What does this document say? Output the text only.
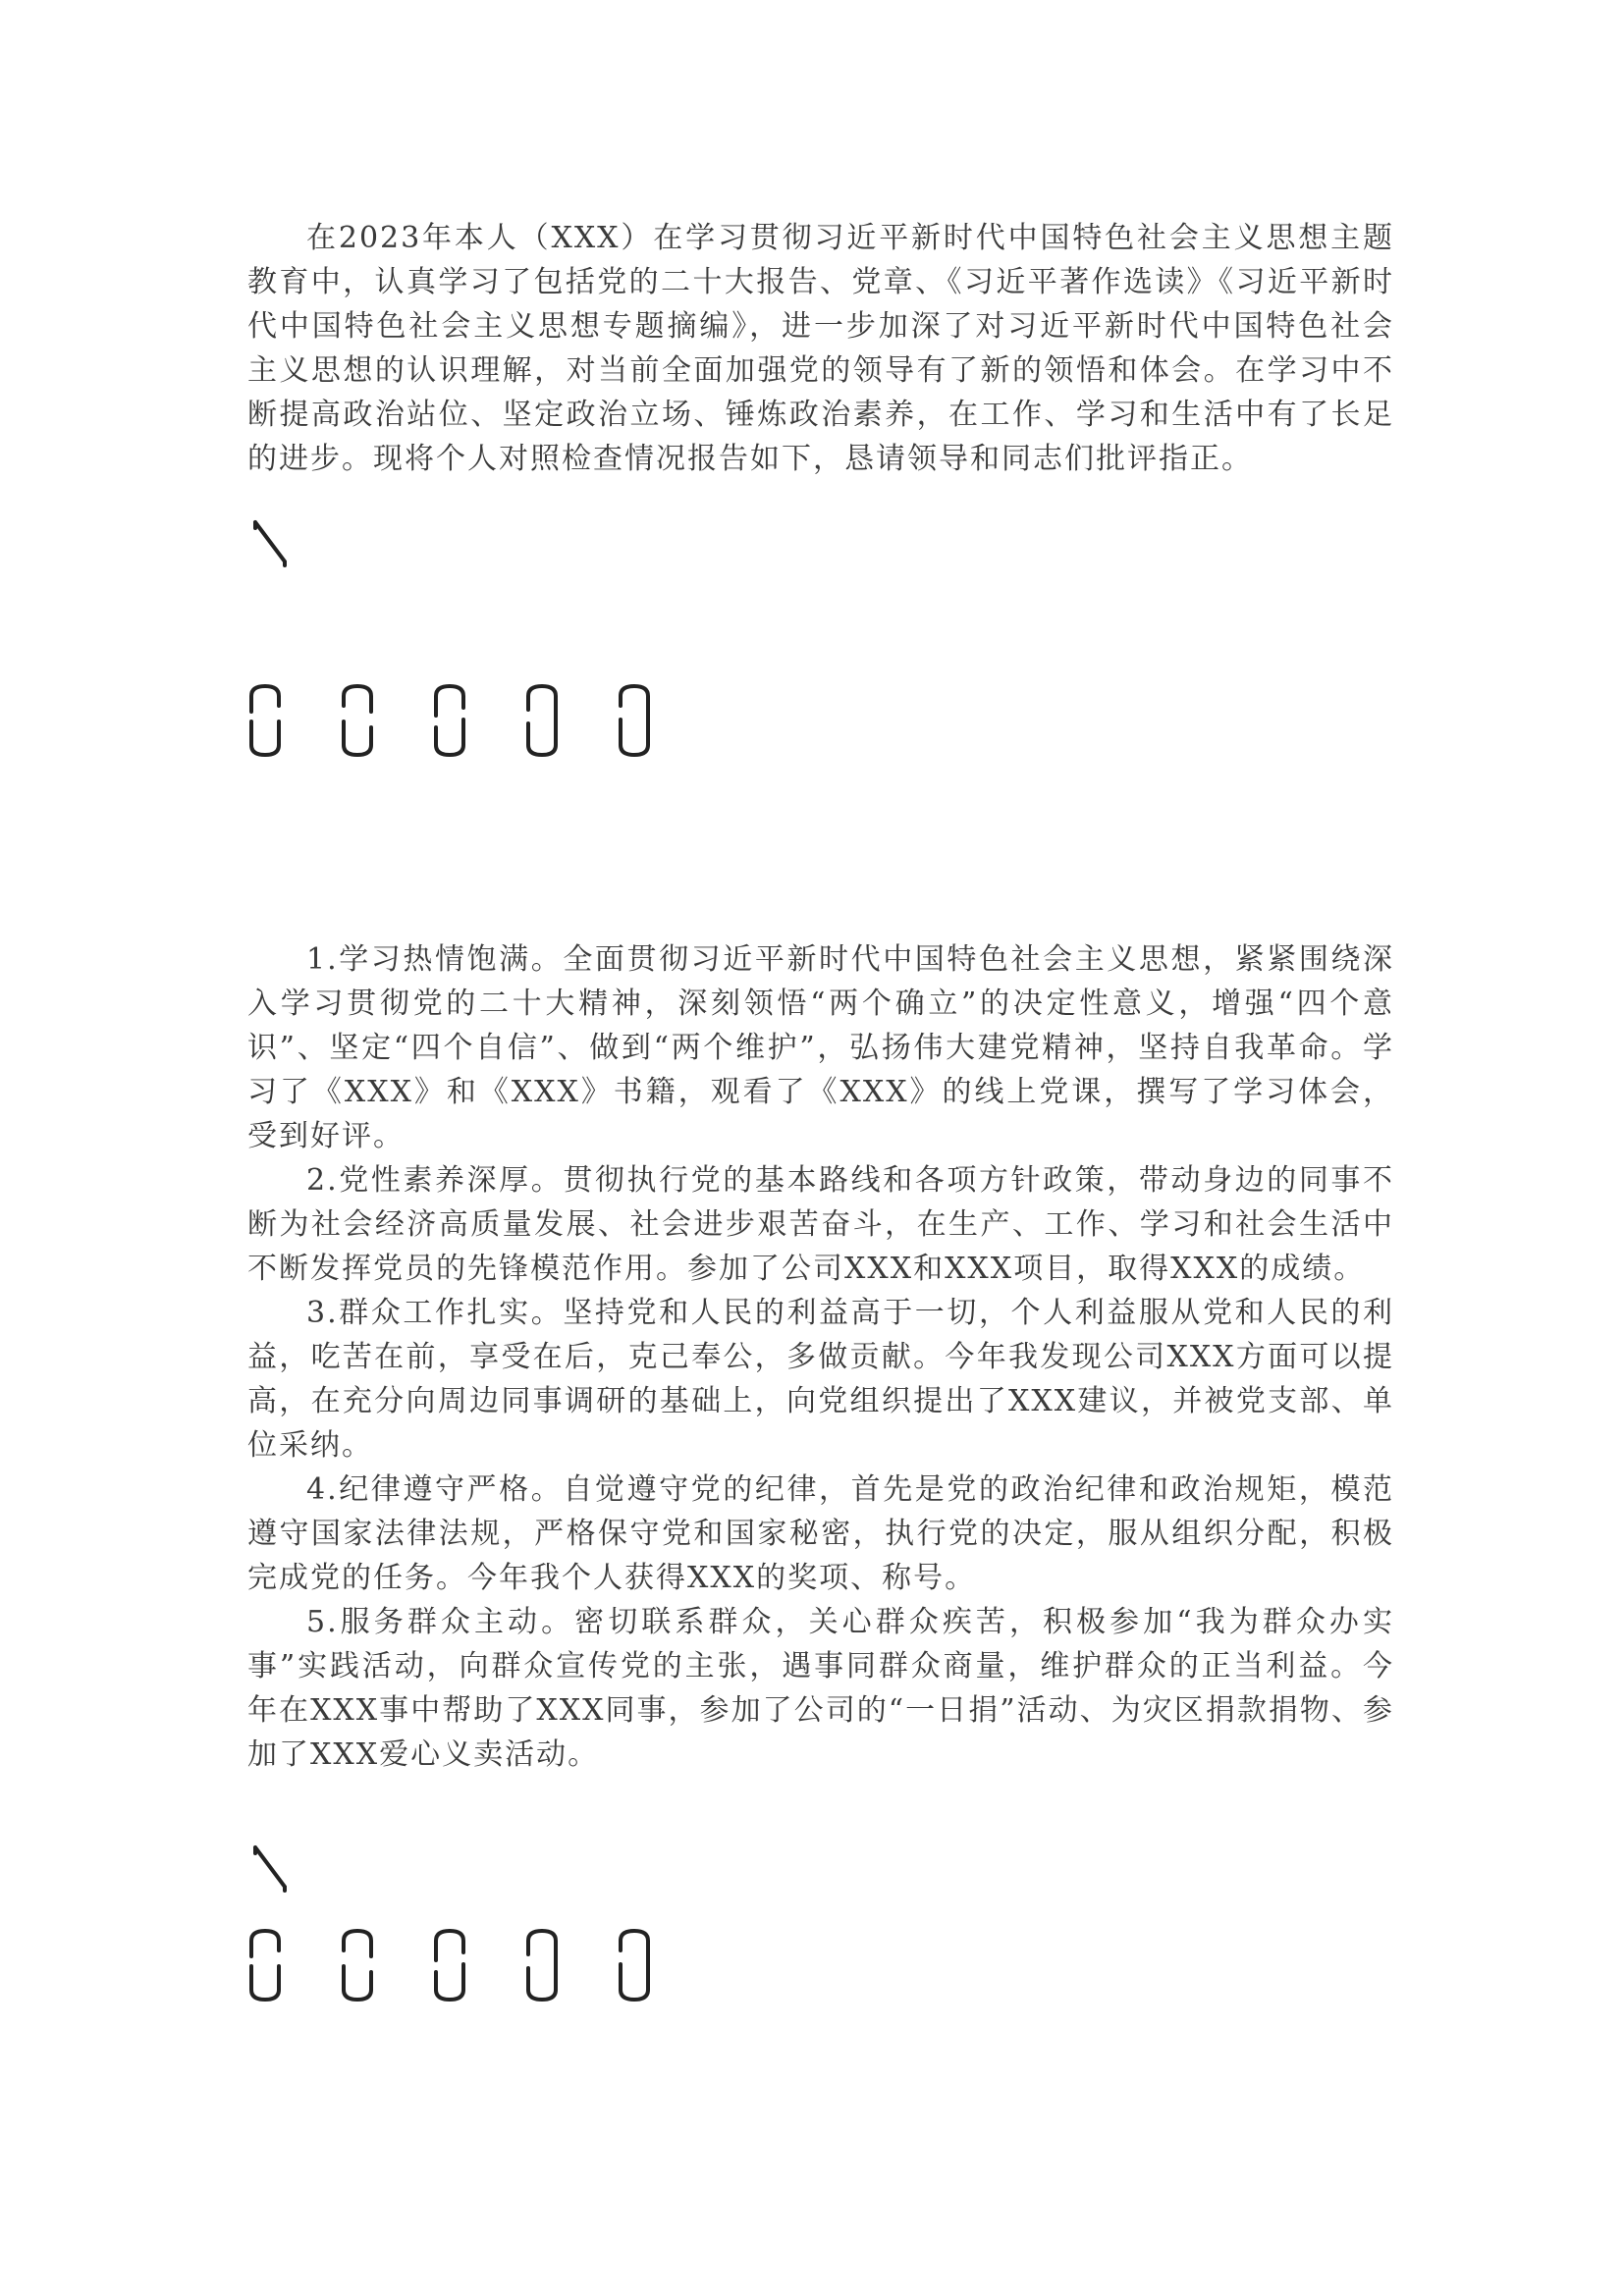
在2023年本人（XXX）在学习贯彻习近平新时代中国特色社会主义思想主题教育中，认真学习了包括党的二十大报告、党章、《习近平著作选读》《习近平新时代中国特色社会主义思想专题摘编》，进一步加深了对习近平新时代中国特色社会主义思想的认识理解，对当前全面加强党的领导有了新的领悟和体会。在学习中不断提高政治站位、坚定政治立场、锤炼政治素养，在工作、学习和生活中有了长足的进步。现将个人对照检查情况报告如下，恳请领导和同志们批评指正。

1.学习热情饱满。全面贯彻习近平新时代中国特色社会主义思想，紧紧围绕深入学习贯彻党的二十大精神，深刻领悟“两个确立”的决定性意义，增强“四个意识”、坚定“四个自信”、做到“两个维护”，弘扬伟大建党精神，坚持自我革命。学习了《XXX》和《XXX》书籍，观看了《XXX》的线上党课，撰写了学习体会，受到好评。

2.党性素养深厚。贯彻执行党的基本路线和各项方针政策，带动身边的同事不断为社会经济高质量发展、社会进步艰苦奋斗，在生产、工作、学习和社会生活中不断发挥党员的先锋模范作用。参加了公司XXX和XXX项目，取得XXX的成绩。

3.群众工作扎实。坚持党和人民的利益高于一切，个人利益服从党和人民的利益，吃苦在前，享受在后，克己奉公，多做贡献。今年我发现公司XXX方面可以提高，在充分向周边同事调研的基础上，向党组织提出了XXX建议，并被党支部、单位采纳。

4.纪律遵守严格。自觉遵守党的纪律，首先是党的政治纪律和政治规矩，模范遵守国家法律法规，严格保守党和国家秘密，执行党的决定，服从组织分配，积极完成党的任务。今年我个人获得XXX的奖项、称号。

5.服务群众主动。密切联系群众，关心群众疾苦，积极参加“我为群众办实事”实践活动，向群众宣传党的主张，遇事同群众商量，维护群众的正当利益。今年在XXX事中帮助了XXX同事，参加了公司的“一日捐”活动、为灾区捐款捐物、参加了XXX爱心义卖活动。
